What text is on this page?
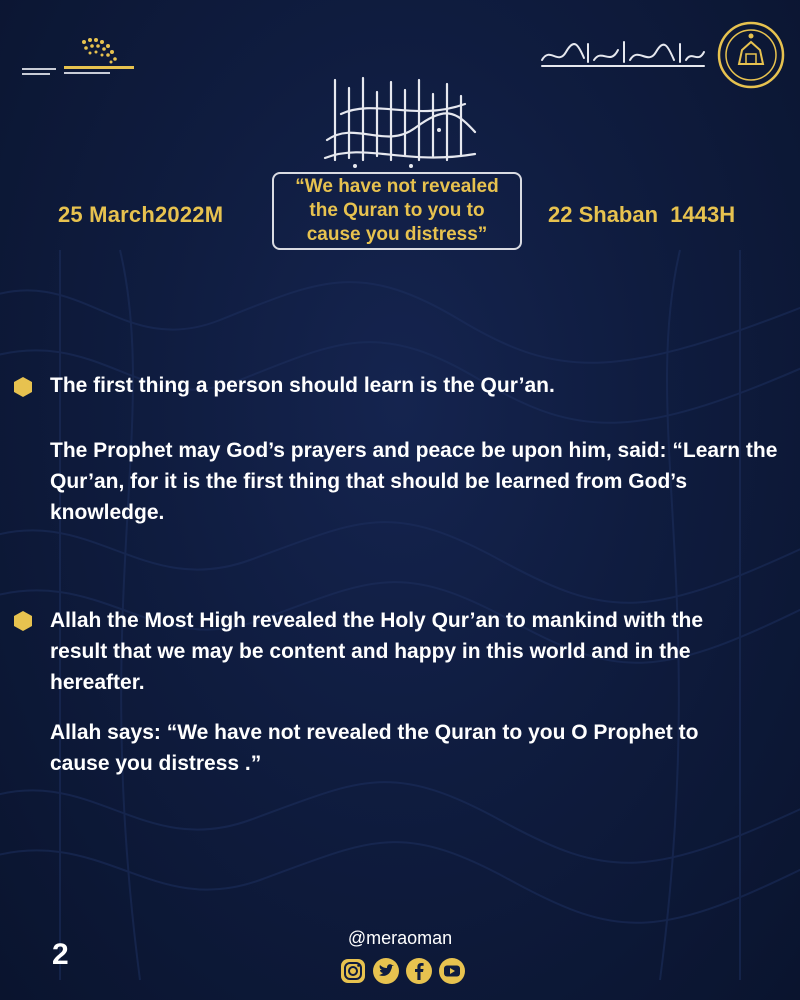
25 March2022M
“We have not revealed the Quran to you to cause you distress”
22 Shaban 1443H
The first thing a person should learn is the Qur’an.
The Prophet may God’s prayers and peace be upon him, said: “Learn the
Qur’an, for it is the first thing that should be learned from God’s
knowledge.
Allah the Most High revealed the Holy Qur’an to mankind with the
result that we may be content and happy in this world and in the
hereafter.
Allah says: “We have not revealed the Quran to you O Prophet to
cause you distress .”
2	@meraoman
